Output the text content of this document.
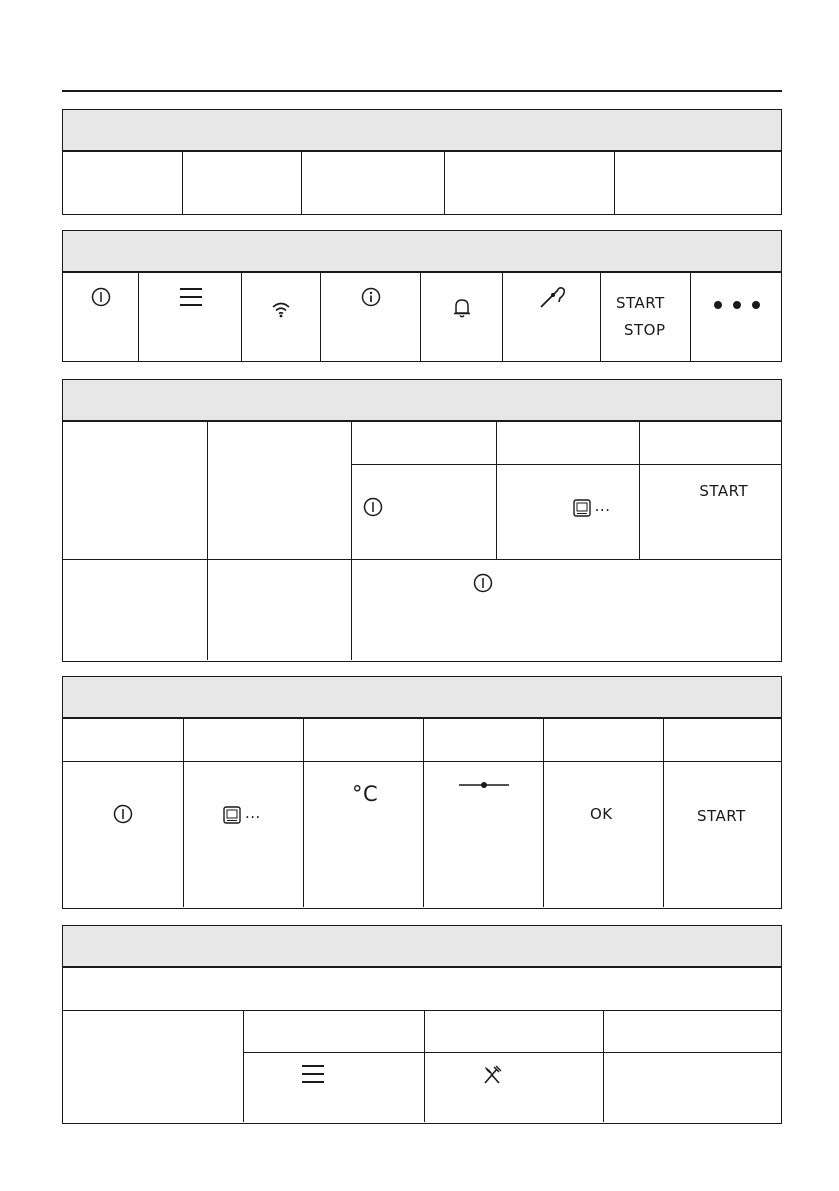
START
STOP
...
START
...
°C
OK	START
